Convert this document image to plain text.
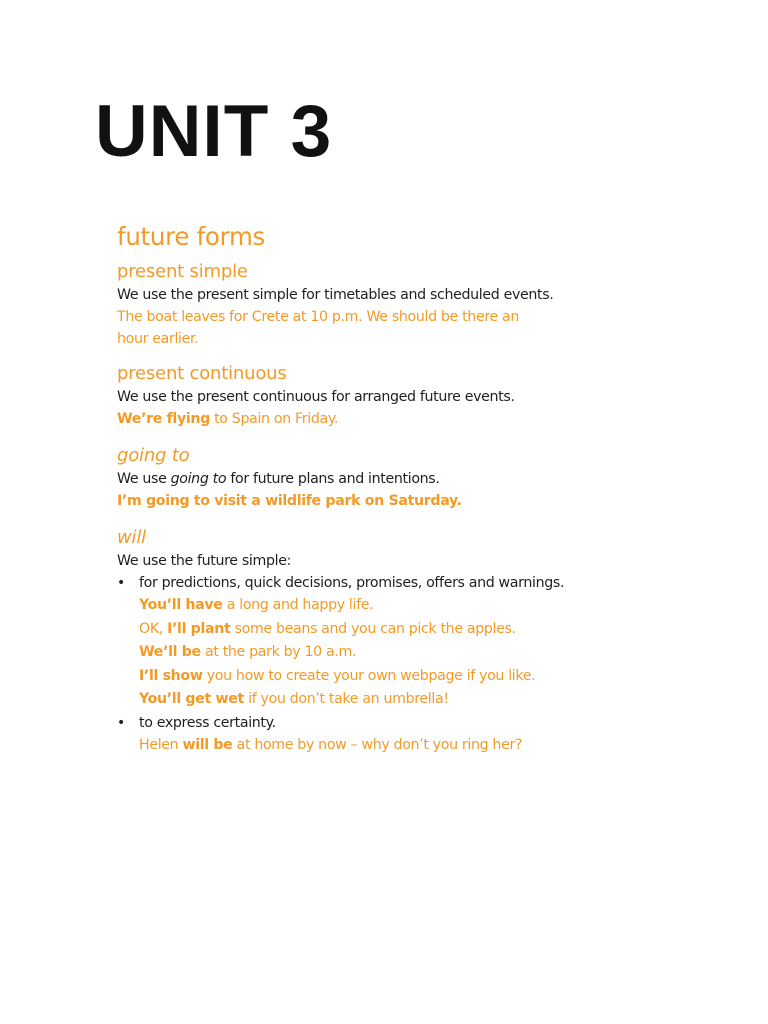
UNIT 3
future forms
present simple

We use the present simple for timetables and scheduled events.

The boat leaves for Crete at 10 p.m. We should be there an
hour earlier.

present continuous

We use the present continuous for arranged future events.

We’re flying to Spain on Friday.

going to

We use going to for future plans and intentions.

I’m going to visit a wildlife park on Saturday.

will

We use the future simple:

• for predictions, quick decisions, promises, offers and warnings.

You’ll have a long and happy life.

OK, I’ll plant some beans and you can pick the apples.

We’ll be at the park by 10 a.m.

I’ll show you how to create your own webpage if you like.

You’ll get wet if you don’t take an umbrella!

• to express certainty.

Helen will be at home by now – why don’t you ring her?
